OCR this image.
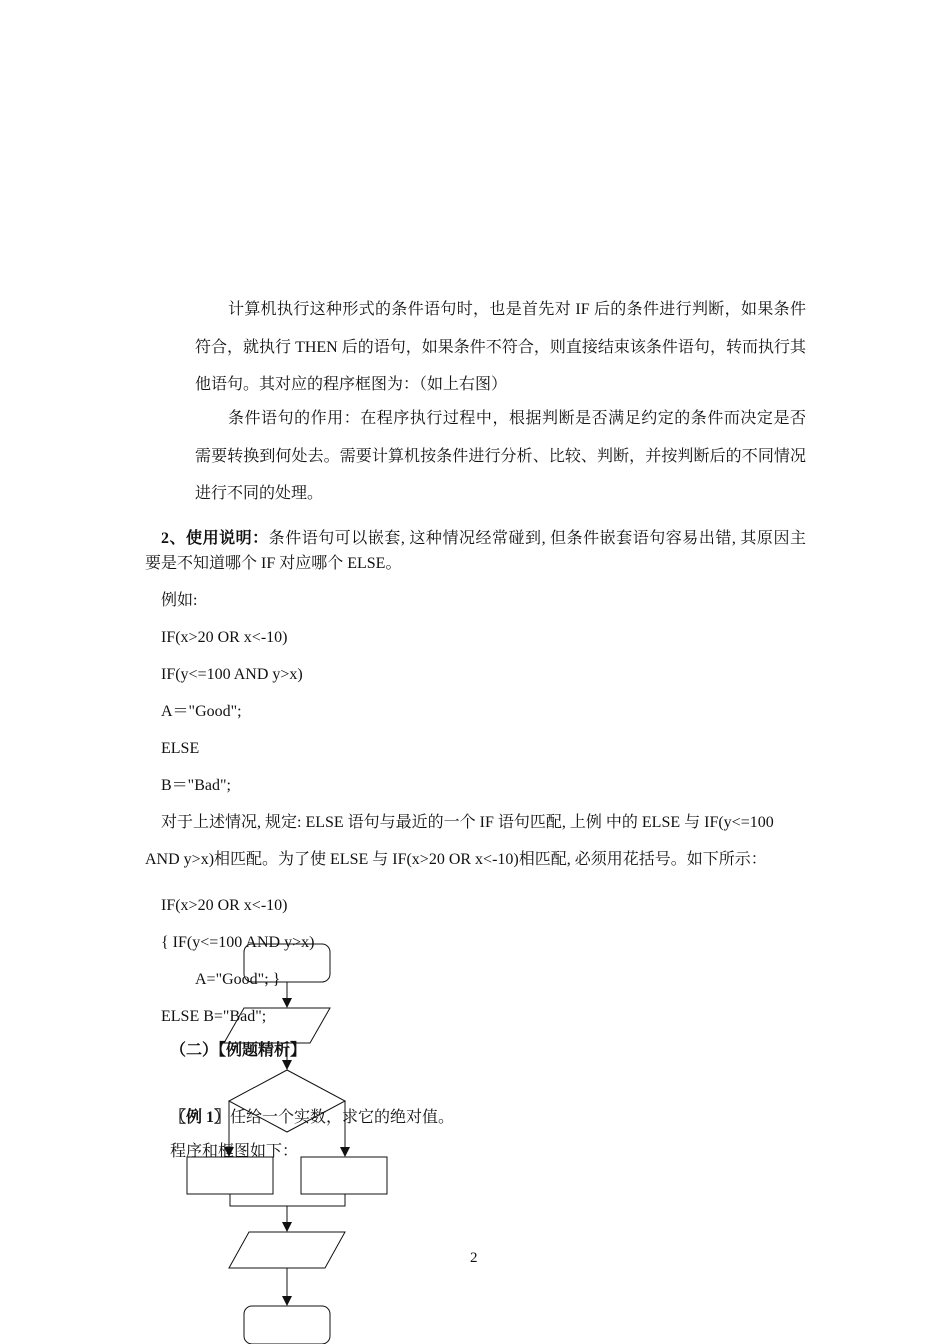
计算机执行这种形式的条件语句时，也是首先对 IF 后的条件进行判断，如果条件
符合，就执行 THEN 后的语句，如果条件不符合，则直接结束该条件语句，转而执行其
他语句。其对应的程序框图为：（如上右图）
条件语句的作用：在程序执行过程中，根据判断是否满足约定的条件而决定是否
需要转换到何处去。需要计算机按条件进行分析、比较、判断，并按判断后的不同情况
进行不同的处理。
2、使用说明：条件语句可以嵌套, 这种情况经常碰到, 但条件嵌套语句容易出错, 其原因主
要是不知道哪个 IF 对应哪个 ELSE。
例如:
IF(x>20 OR x<-10)
IF(y<=100 AND y>x)
A＝"Good";
ELSE
B＝"Bad";
对于上述情况, 规定: ELSE 语句与最近的一个 IF 语句匹配, 上例 中的 ELSE 与 IF(y<=100
AND y>x)相匹配。为了使 ELSE 与 IF(x>20 OR x<-10)相匹配, 必须用花括号。如下所示：
IF(x>20 OR x<-10)
{ IF(y<=100 AND y>x)
A="Good"; }
ELSE B="Bad";
（二）【例题精析】
〖例 1〗任给一个实数，求它的绝对值。
程序和框图如下：
2
